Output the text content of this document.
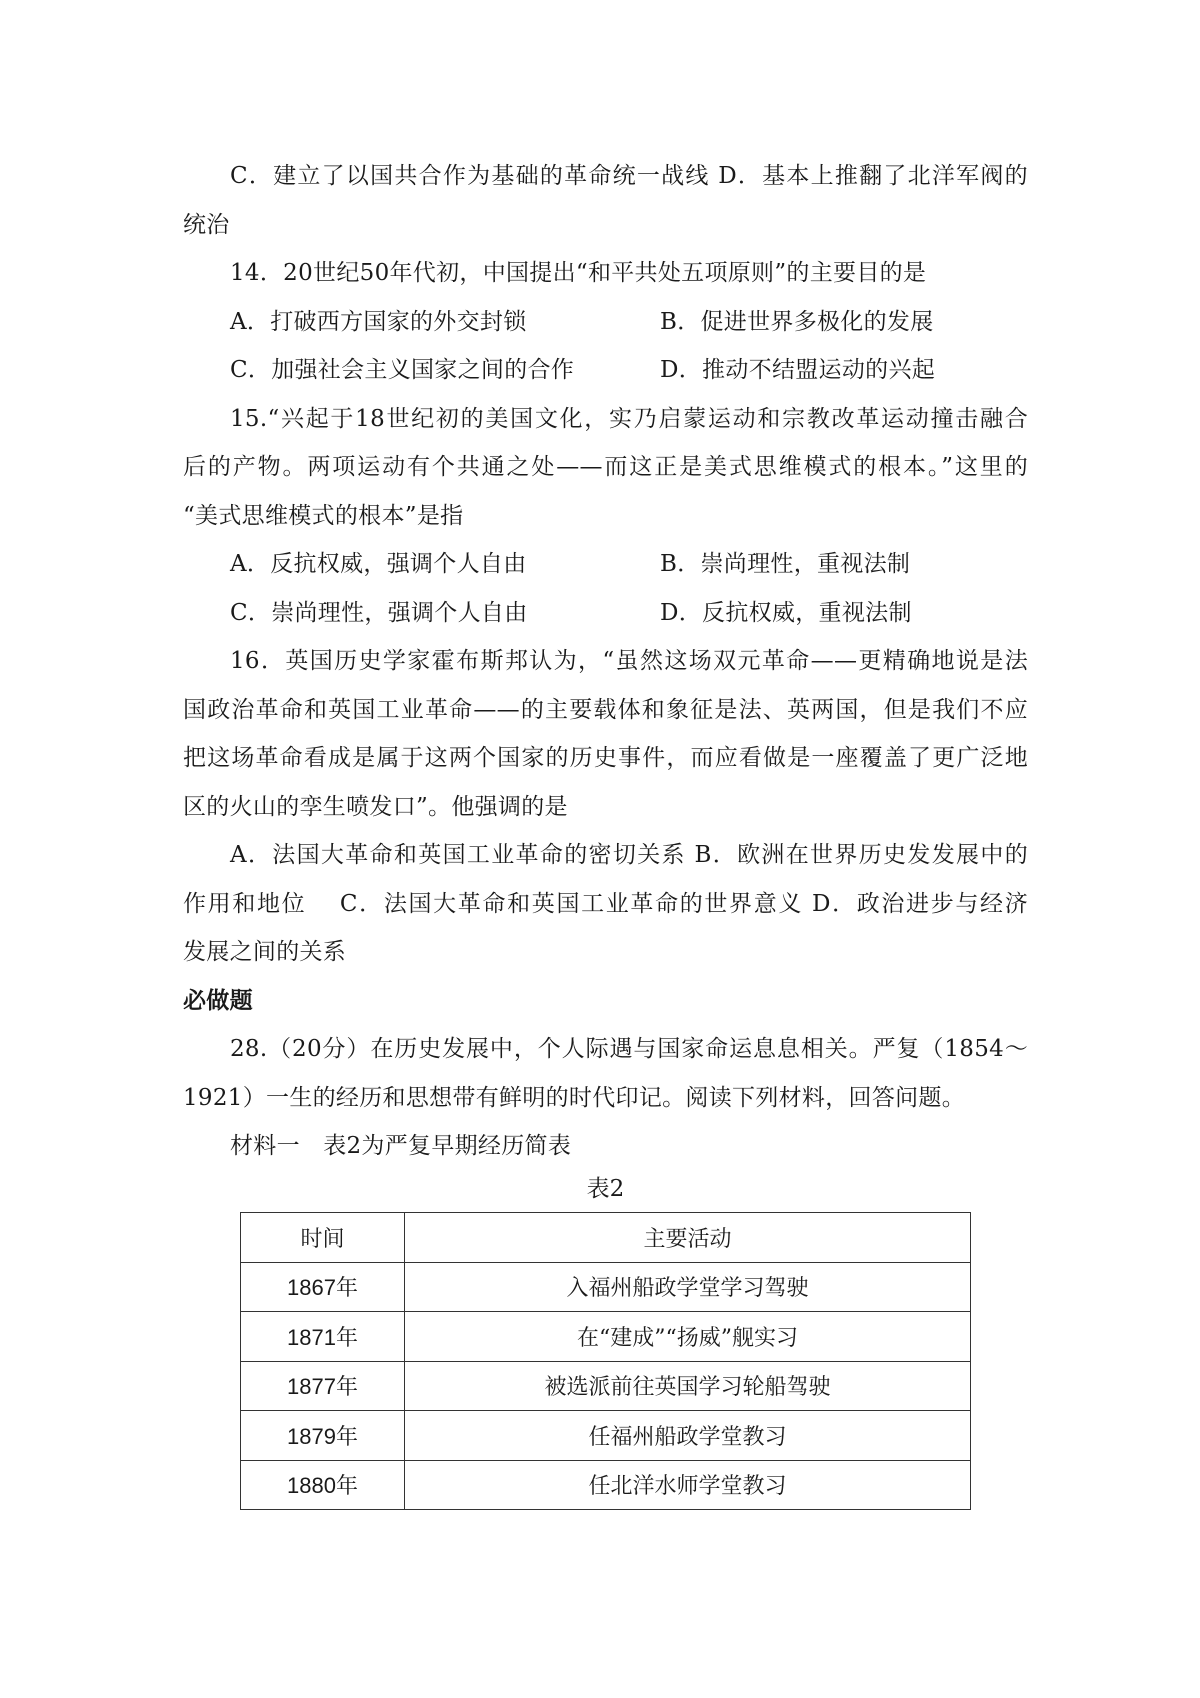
C．建立了以国共合作为基础的革命统一战线 D．基本上推翻了北洋军阀的
统治
14．20世纪50年代初，中国提出“和平共处五项原则”的主要目的是
A．打破西方国家的外交封锁	B．促进世界多极化的发展
C．加强社会主义国家之间的合作	D．推动不结盟运动的兴起
15.“兴起于18世纪初的美国文化，实乃启蒙运动和宗教改革运动撞击融合
后的产物。两项运动有个共通之处——而这正是美式思维模式的根本。”这里的
“美式思维模式的根本”是指
A．反抗权威，强调个人自由	B．崇尚理性，重视法制
C．崇尚理性，强调个人自由	D．反抗权威，重视法制
16．英国历史学家霍布斯邦认为，“虽然这场双元革命——更精确地说是法
国政治革命和英国工业革命——的主要载体和象征是法、英两国，但是我们不应
把这场革命看成是属于这两个国家的历史事件，而应看做是一座覆盖了更广泛地
区的火山的孪生喷发口”。他强调的是
A．法国大革命和英国工业革命的密切关系 B．欧洲在世界历史发发展中的
作用和地位　 C．法国大革命和英国工业革命的世界意义 D．政治进步与经济
发展之间的关系
必做题
28.（20分）在历史发展中，个人际遇与国家命运息息相关。严复（1854～
1921）一生的经历和思想带有鲜明的时代印记。阅读下列材料，回答问题。
材料一　表2为严复早期经历简表
表2
时间	主要活动
1867年	入福州船政学堂学习驾驶
1871年	在“建成”“扬威”舰实习
1877年	被选派前往英国学习轮船驾驶
1879年	任福州船政学堂教习
1880年	任北洋水师学堂教习
